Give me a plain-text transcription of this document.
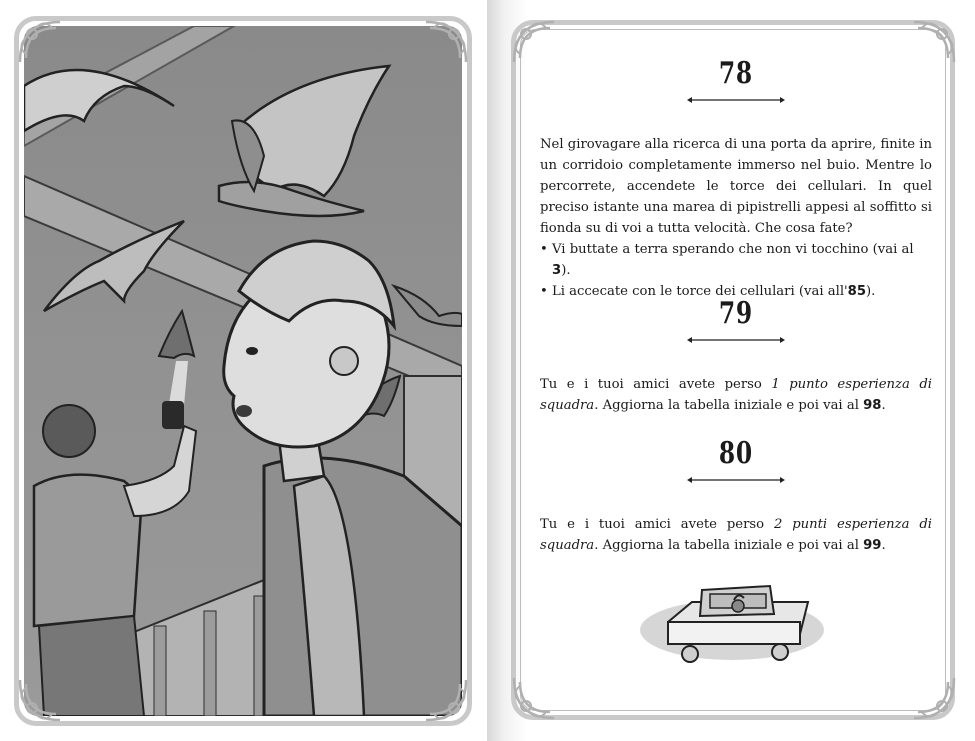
78

Nel girovagare alla ricerca di una porta da aprire, finite in un corridoio completamente immerso nel buio. Mentre lo percorrete, accendete le torce dei cellulari. In quel preciso istante una marea di pipistrelli appesi al soffitto si fionda su di voi a tutta velocità. Che cosa fate?

• Vi buttate a terra sperando che non vi tocchino (vai al 3).
• Li accecate con le torce dei cellulari (vai all'85).
79

Tu e i tuoi amici avete perso 1 punto esperienza di squadra. Aggiorna la tabella iniziale e poi vai al 98.

80

Tu e i tuoi amici avete perso 2 punti esperienza di squadra. Aggiorna la tabella iniziale e poi vai al 99.
